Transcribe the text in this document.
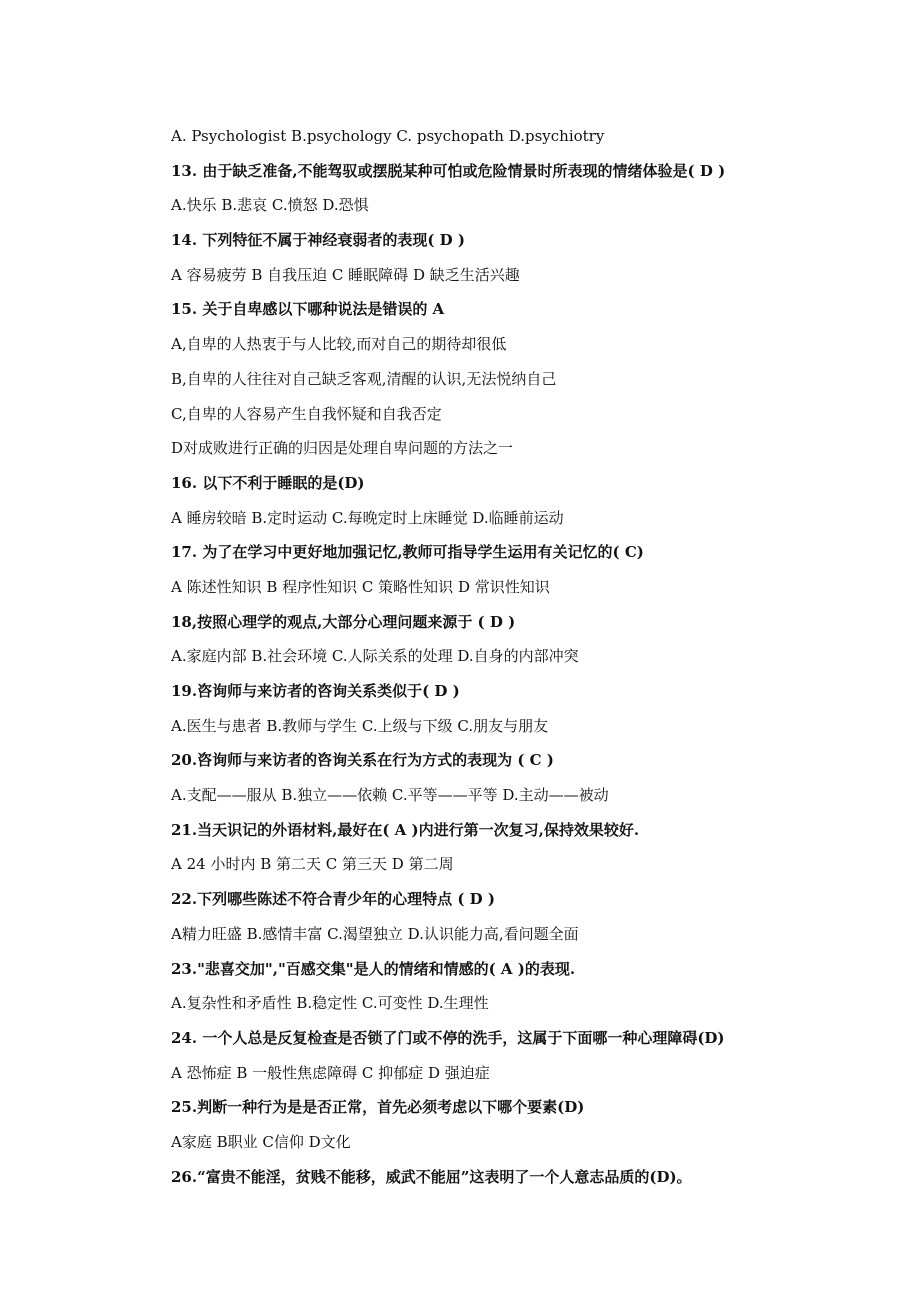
A. Psychologist B.psychology C. psychopath D.psychiotry
13. 由于缺乏准备,不能驾驭或摆脱某种可怕或危险情景时所表现的情绪体验是( D )
A.快乐 B.悲哀 C.愤怒 D.恐惧
14. 下列特征不属于神经衰弱者的表现( D )
A 容易疲劳 B 自我压迫 C 睡眠障碍 D 缺乏生活兴趣
15. 关于自卑感以下哪种说法是错误的 A
A,自卑的人热衷于与人比较,而对自己的期待却很低
B,自卑的人往往对自己缺乏客观,清醒的认识,无法悦纳自己
C,自卑的人容易产生自我怀疑和自我否定
D对成败进行正确的归因是处理自卑问题的方法之一
16. 以下不利于睡眠的是(D)
A 睡房较暗 B.定时运动 C.每晚定时上床睡觉 D.临睡前运动
17. 为了在学习中更好地加强记忆,教师可指导学生运用有关记忆的( C)
A 陈述性知识 B 程序性知识 C 策略性知识 D 常识性知识
18,按照心理学的观点,大部分心理问题来源于 ( D )
A.家庭内部 B.社会环境 C.人际关系的处理 D.自身的内部冲突
19.咨询师与来访者的咨询关系类似于( D )
A.医生与患者 B.教师与学生 C.上级与下级 C.朋友与朋友
20.咨询师与来访者的咨询关系在行为方式的表现为 ( C )
A.支配——服从 B.独立——依赖 C.平等——平等 D.主动——被动
21.当天识记的外语材料,最好在( A )内进行第一次复习,保持效果较好.
A 24 小时内 B 第二天 C 第三天 D 第二周
22.下列哪些陈述不符合青少年的心理特点 ( D )
A精力旺盛 B.感情丰富 C.渴望独立 D.认识能力高,看问题全面
23."悲喜交加","百感交集"是人的情绪和情感的( A )的表现.
A.复杂性和矛盾性 B.稳定性 C.可变性 D.生理性
24. 一个人总是反复检查是否锁了门或不停的洗手，这属于下面哪一种心理障碍(D)
A 恐怖症 B 一般性焦虑障碍 C 抑郁症 D 强迫症
25.判断一种行为是是否正常，首先必须考虑以下哪个要素(D)
A家庭 B职业 C信仰 D文化
26.“富贵不能淫，贫贱不能移，威武不能屈”这表明了一个人意志品质的(D)。
